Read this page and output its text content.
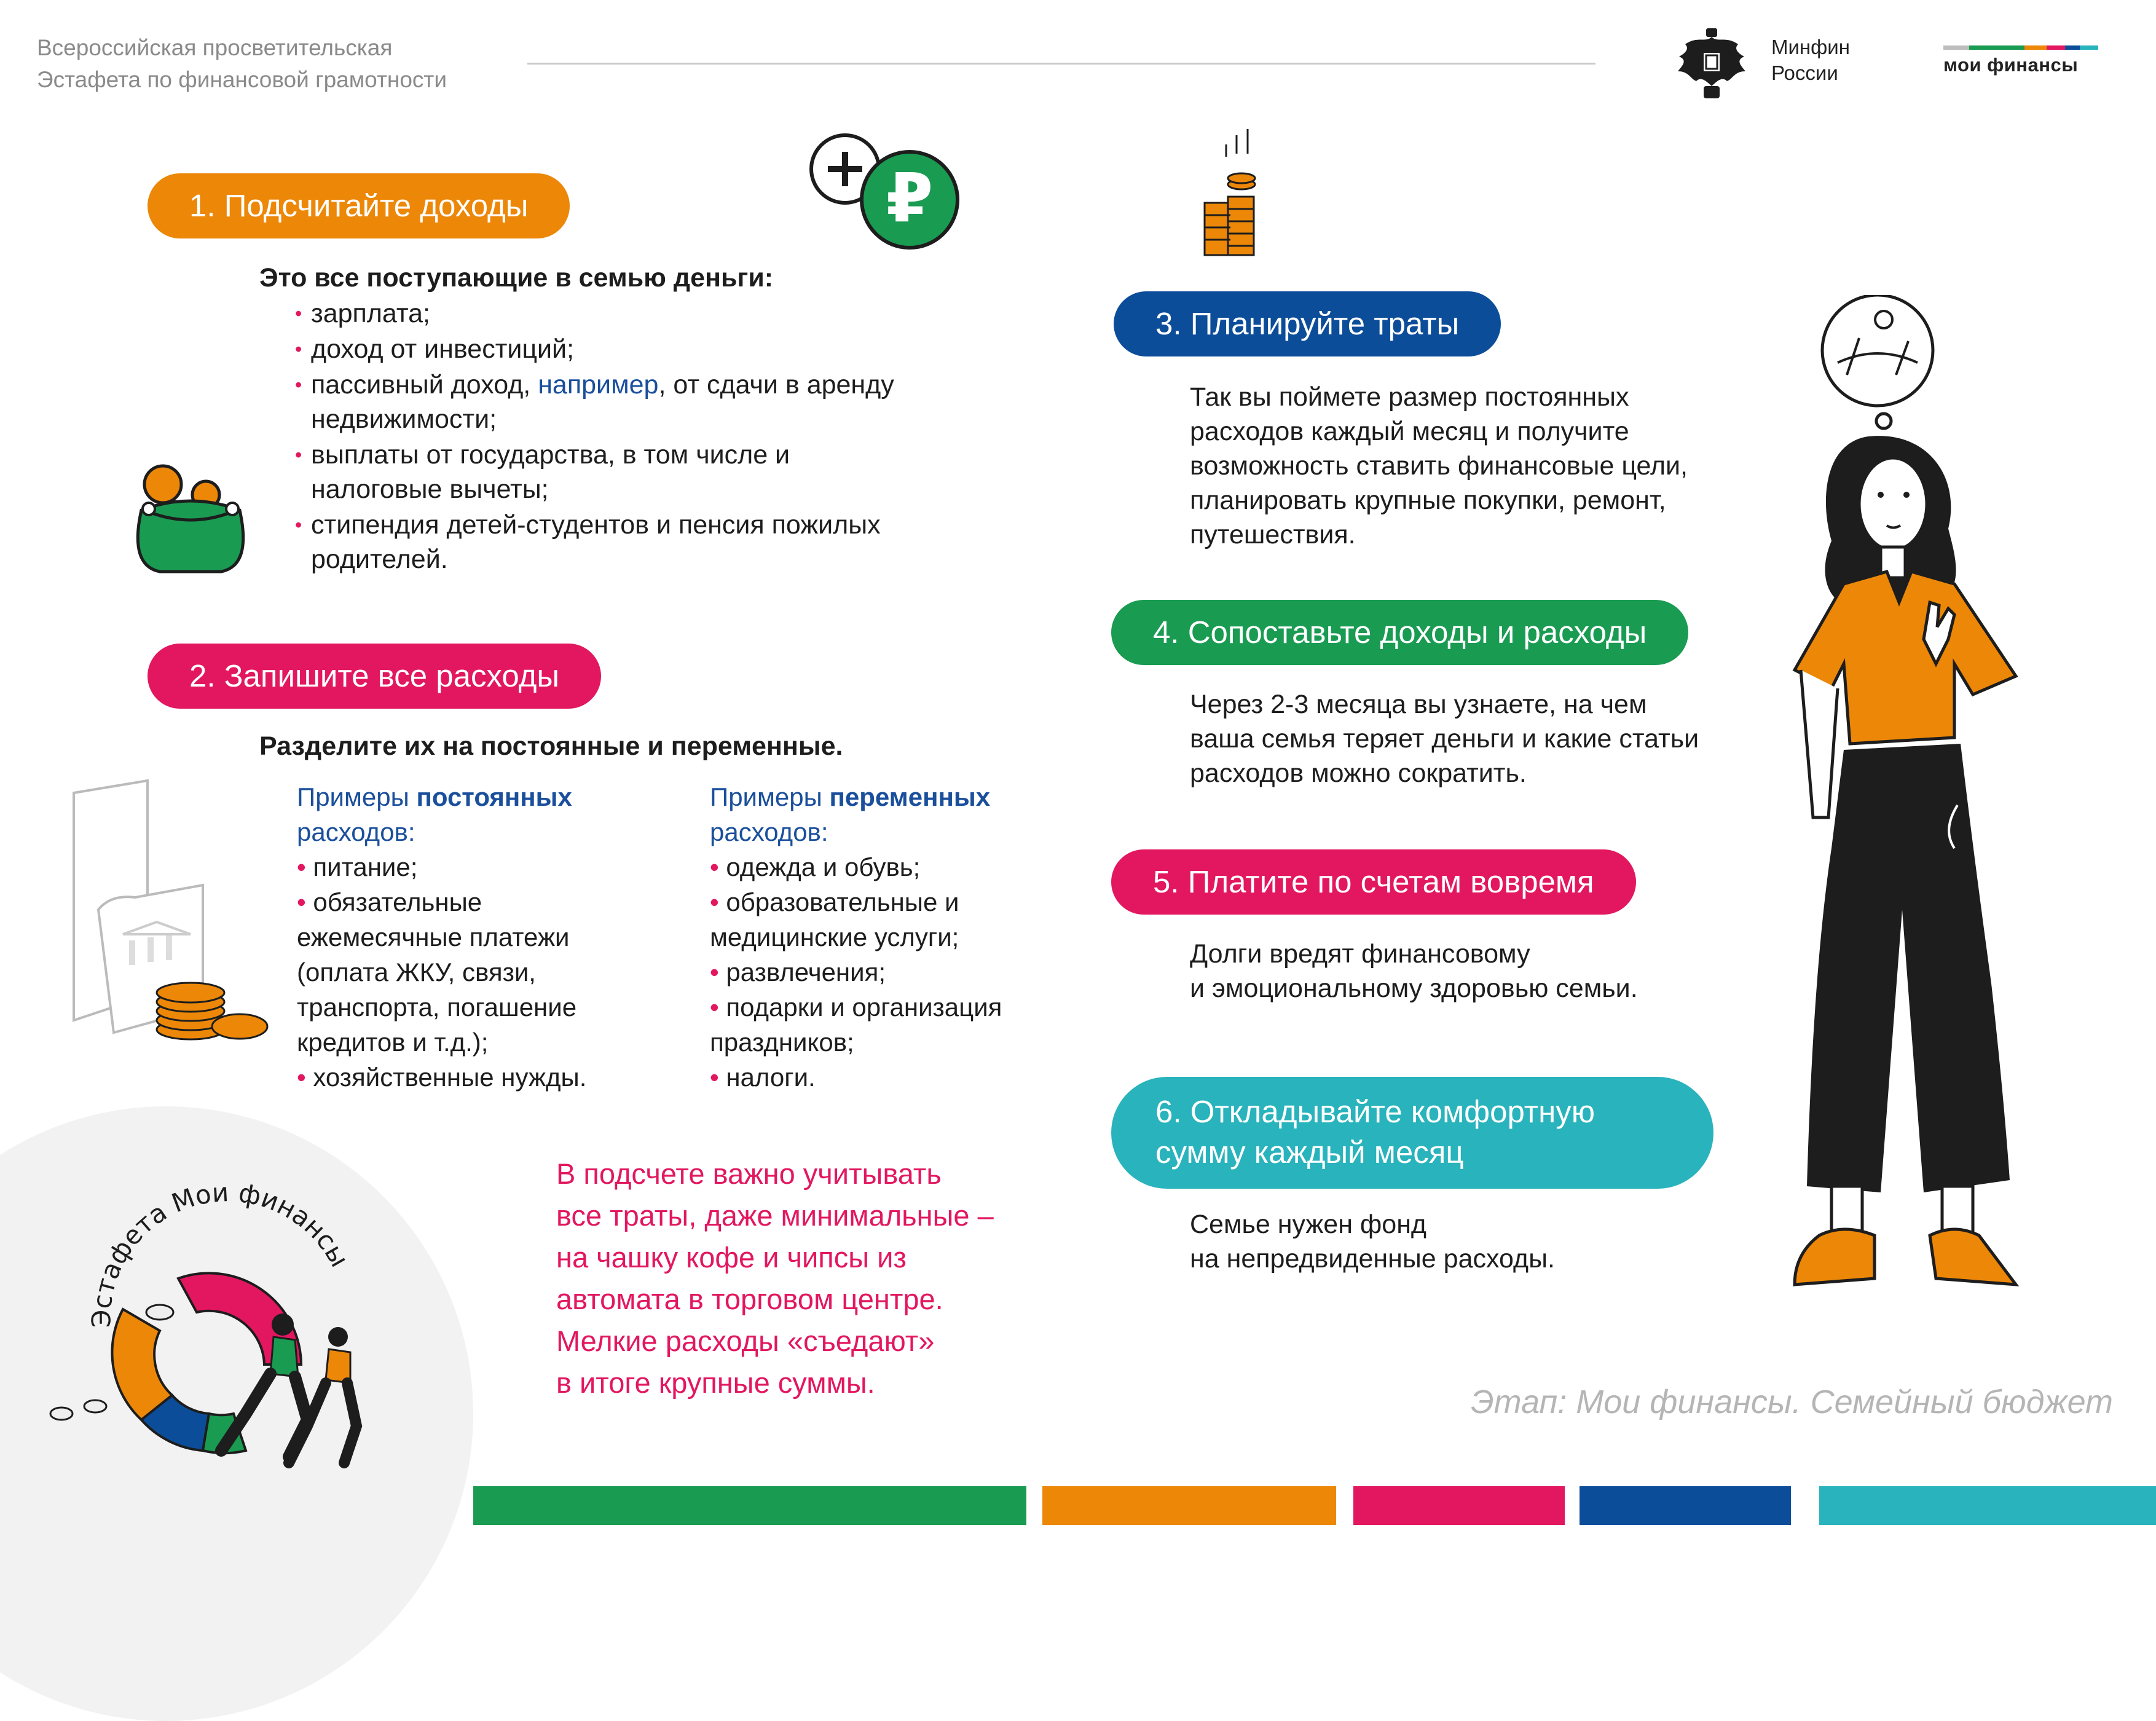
Всероссийская просветительская
Эстафета по финансовой грамотности
Минфин
России	мои финансы
1. Подсчитайте доходы	₽
Это все поступающие в семью деньги:
• зарплата;
• доход от инвестиций;
• пассивный доход, например, от сдачи в аренду недвижимости;
• выплаты от государства, в том числе и налоговые вычеты;
• стипендия детей-студентов и пенсия пожилых родителей.
2. Запишите все расходы
Разделите их на постоянные и переменные.
Примеры постоянных
расходов:
• питание;
• обязательные ежемесячные платежи (оплата ЖКУ, связи, транспорта, погашение кредитов и т.д.);
• хозяйственные нужды.
Примеры переменных
расходов:
• одежда и обувь;
• образовательные и медицинские услуги;
• развлечения;
• подарки и организация праздников;
• налоги.
В подсчете важно учитывать
все траты, даже минимальные –
на чашку кофе и чипсы из
автомата в торговом центре.
Мелкие расходы «съедают»
в итоге крупные суммы.
Эстафета Мои финансы
3. Планируйте траты
Так вы поймете размер постоянных расходов каждый месяц и получите возможность ставить финансовые цели, планировать крупные покупки, ремонт, путешествия.
4. Сопоставьте доходы и расходы
Через 2-3 месяца вы узнаете, на чем ваша семья теряет деньги и какие статьи расходов можно сократить.
5. Платите по счетам вовремя
Долги вредят финансовому
и эмоциональному здоровью семьи.
6. Откладывайте комфортную
сумму каждый месяц
Семье нужен фонд
на непредвиденные расходы.
Этап: Мои финансы. Семейный бюджет
